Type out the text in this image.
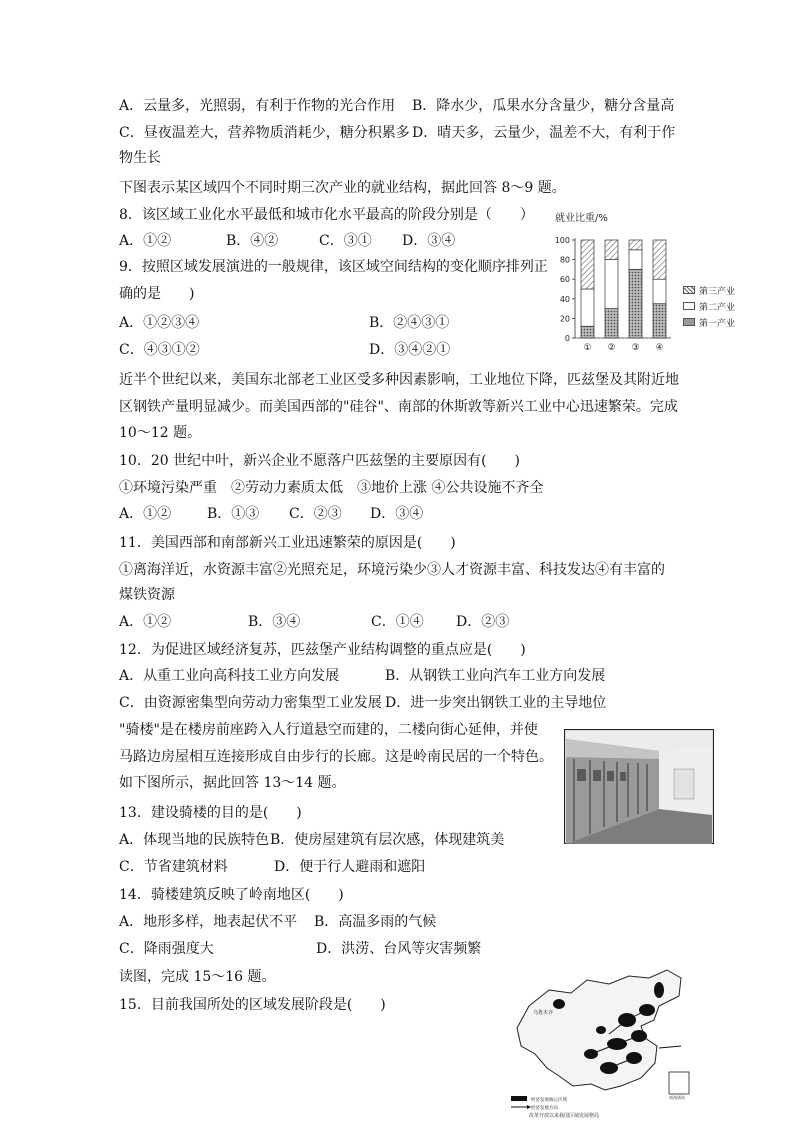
A．云量多，光照弱，有利于作物的光合作用 B．降水少，瓜果水分含量少，糖分含量高
C．昼夜温差大，营养物质消耗少，糖分积累多 D．晴天多，云量少，温差不大，有利于作
物生长
下图表示某区域四个不同时期三次产业的就业结构，据此回答 8～9 题。
8．该区域工业化水平最低和城市化水平最高的阶段分别是（　　）
A．①②	B．④②	C．③① D．③④
9．按照区域发展演进的一般规律，该区域空间结构的变化顺序排列正
确的是　　)
A．①②③④	B．②④③①
C．④③①②	D．③④②①
近半个世纪以来，美国东北部老工业区受多种因素影响，工业地位下降，匹兹堡及其附近地
区钢铁产量明显减少。而美国西部的"硅谷"、南部的休斯敦等新兴工业中心迅速繁荣。完成
10～12 题。
10．20 世纪中叶，新兴企业不愿落户匹兹堡的主要原因有(　　)
①环境污染严重　②劳动力素质太低　③地价上涨 ④公共设施不齐全
A．①②	B．①③ C．②③ D．③④
11．美国西部和南部新兴工业迅速繁荣的原因是(　　)
①离海洋近，水资源丰富②光照充足，环境污染少③人才资源丰富、科技发达④有丰富的
煤铁资源
A．①②	B．③④	C．①④ D．②③
12．为促进区域经济复苏，匹兹堡产业结构调整的重点应是(　　)
A．从重工业向高科技工业方向发展	B．从钢铁工业向汽车工业方向发展
C．由资源密集型向劳动力密集型工业发展 D．进一步突出钢铁工业的主导地位
"骑楼"是在楼房前座跨入人行道悬空而建的，二楼向街心延伸，并使
马路边房屋相互连接形成自由步行的长廊。这是岭南民居的一个特色。
如下图所示，据此回答 13～14 题。
13．建设骑楼的目的是(　　)
A．体现当地的民族特色 B．使房屋建筑有层次感，体现建筑美
C．节省建筑材料	D．便于行人避雨和遮阳
14．骑楼建筑反映了岭南地区(　　)
A．地形多样，地表起伏不平 B．高温多雨的气候
C．降雨强度大	D．洪涝、台风等灾害频繁
读图，完成 15～16 题。
15．目前我国所处的区域发展阶段是(　　)
就业比重/%
0
20
40
60
80
100
① ② ③ ④
第三产业
第二产业
第一产业
乌鲁木齐
南海诸岛
经济发展核心区域
经济发展方向
改革开放以来我国区域发展格局
